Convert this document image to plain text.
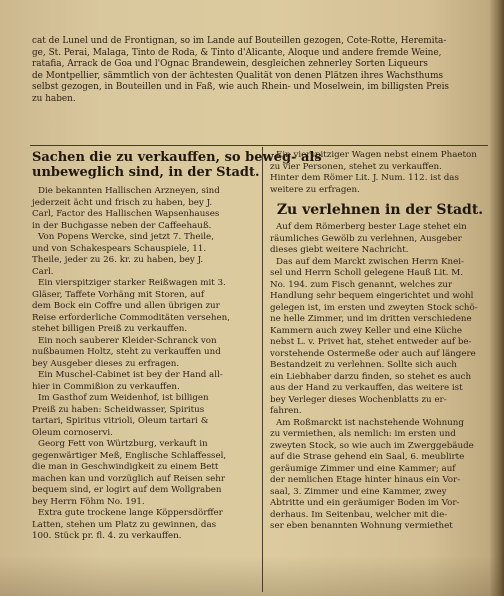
cat de Lunel und de Frontignan, so im Lande auf Bouteillen gezogen, Cote-Rotte, Heremita-
ge, St. Perai, Malaga, Tinto de Roda, & Tinto d'Alicante, Aloque und andere fremde Weine,
ratafia, Arrack de Goa und l'Ognac Brandewein, desgleichen zehnerley Sorten Liqueurs
de Montpellier, sämmtlich von der ächtesten Qualität von denen Plätzen ihres Wachsthums
selbst gezogen, in Bouteillen und in Faß, wie auch Rhein- und Moselwein, im billigsten Preis
zu haben.
Sachen die zu verkauffen, so beweg- als
unbeweglich sind, in der Stadt.
Die bekannten Hallischen Arzneyen, sind
jederzeit ächt und frisch zu haben, bey J.
Carl, Factor des Hallischen Wapsenhauses
in der Buchgasse neben der Caffeehauß.
Von Popens Wercke, sind jetzt 7. Theile,
und von Schakespears Schauspiele, 11.
Theile, jeder zu 26. kr. zu haben, bey J.
Carl.
Ein vierspitziger starker Reißwagen mit 3.
Gläser, Taffete Vorhäng mit Storen, auf
dem Bock ein Coffre und allen übrigen zur
Reise erforderliche Commoditäten versehen,
stehet billigen Preiß zu verkauffen.
Ein noch sauberer Kleider-Schranck von
nußbaumen Holtz, steht zu verkauffen und
bey Ausgeber dieses zu erfragen.
Ein Muschel-Cabinet ist bey der Hand all-
hier in Commißion zu verkauffen.
Im Gasthof zum Weidenhof, ist billigen
Preiß zu haben: Scheidwasser, Spiritus
tartari, Spiritus vitrioli, Oleum tartari &
Oleum cornoservi.
Georg Fett von Würtzburg, verkauft in
gegenwärtiger Meß, Englische Schlaffessel,
die man in Geschwindigkeit zu einem Bett
machen kan und vorzüglich auf Reisen sehr
bequem sind, er logirt auf dem Wollgraben
bey Herrn Föhm No. 191.
Extra gute trockene lange Köppersdörffer
Latten, stehen um Platz zu gewinnen, das
100. Stück pr. fl. 4. zu verkauffen.
Ein vierspitziger Wagen nebst einem Phaeton
zu vier Personen, stehet zu verkauffen.
Hinter dem Römer Lit. J. Num. 112. ist das
weitere zu erfragen.
Zu verlehnen in der Stadt.
Auf dem Römerberg bester Lage stehet ein
räumliches Gewölb zu verlehnen, Ausgeber
dieses giebt weitere Nachricht.
Das auf dem Marckt zwischen Herrn Knei-
sel und Herrn Scholl gelegene Hauß Lit. M.
No. 194. zum Fisch genannt, welches zur
Handlung sehr bequem eingerichtet und wohl
gelegen ist, im ersten und zweyten Stock schö-
ne helle Zimmer, und im dritten verschiedene
Kammern auch zwey Keller und eine Küche
nebst L. v. Privet hat, stehet entweder auf be-
vorstehende Ostermeße oder auch auf längere
Bestandzeit zu verlehnen. Sollte sich auch
ein Liebhaber darzu finden, so stehet es auch
aus der Hand zu verkauffen, das weitere ist
bey Verleger dieses Wochenblatts zu er-
fahren.
Am Roßmarckt ist nachstehende Wohnung
zu vermiethen, als nemlich: im ersten und
zweyten Stock, so wie auch im Zwerggebäude
auf die Strase gehend ein Saal, 6. meublirte
geräumige Zimmer und eine Kammer; auf
der nemlichen Etage hinter hinaus ein Vor-
saal, 3. Zimmer und eine Kammer, zwey
Abtritte und ein geräumiger Boden im Vor-
derhaus. Im Seitenbau, welcher mit die-
ser eben benannten Wohnung vermiethet
